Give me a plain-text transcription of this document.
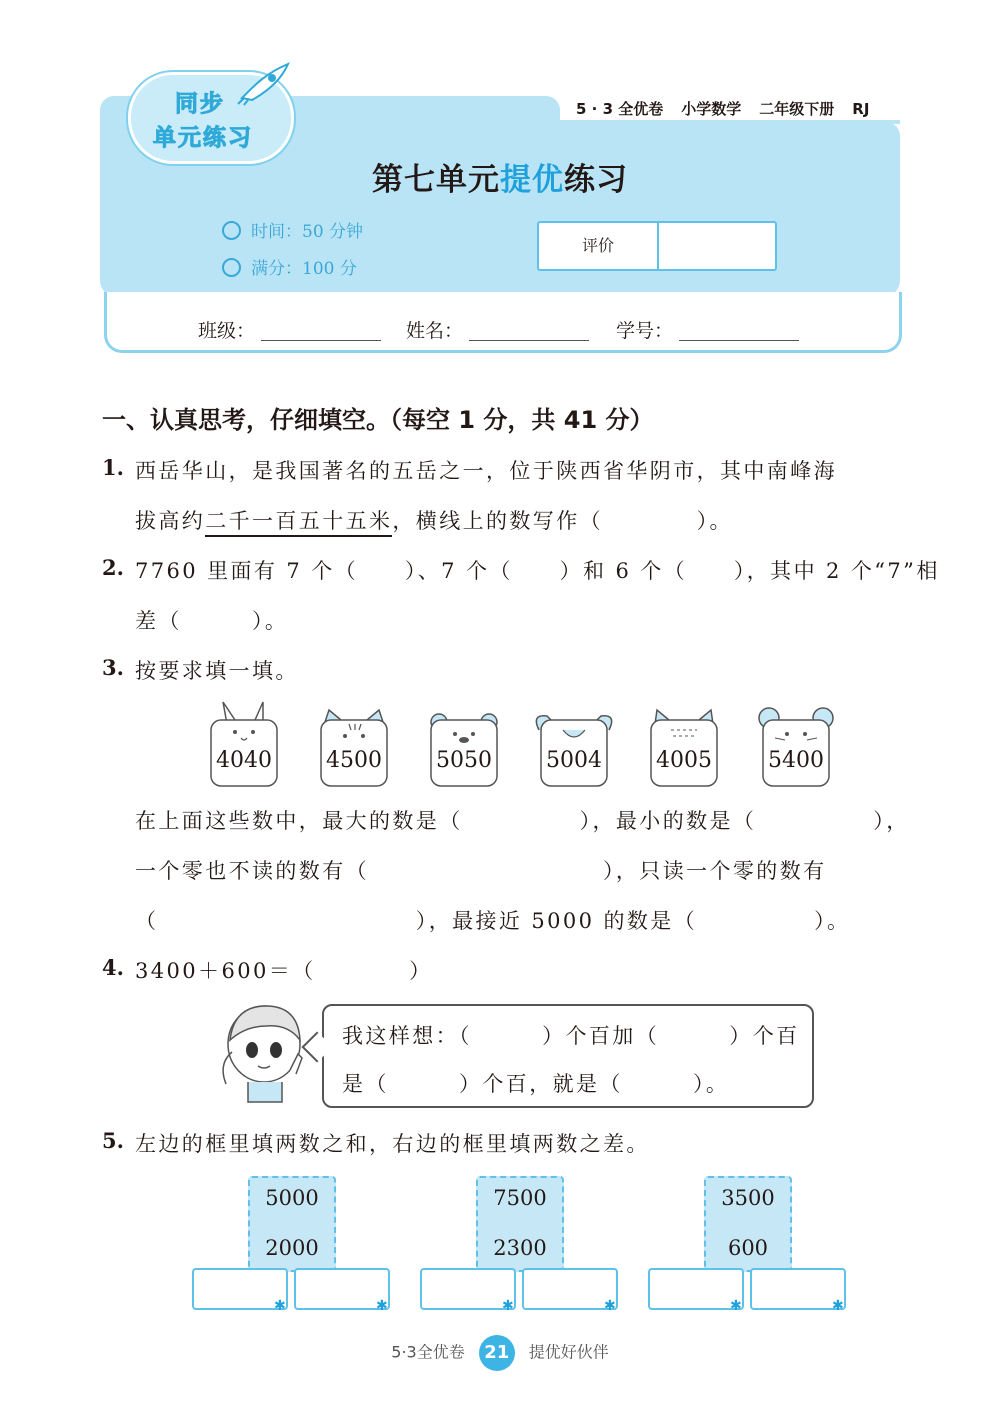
同步
单元练习
5 · 3 全优卷 小学数学 二年级下册 RJ
第七单元提优练习
时间：50 分钟
满分：100 分
评价
班级：	姓名：	学号：
一、认真思考，仔细填空。（每空 1 分，共 41 分）
1. 西岳华山，是我国著名的五岳之一，位于陕西省华阴市，其中南峰海
拔高约二千一百五十五米，横线上的数写作（　　　　）。
2. 7760 里面有 7 个（　　）、7 个（　　）和 6 个（　　），其中 2 个“7”相
差（　　　）。
3. 按要求填一填。
4040	4500	5050	5004	4005	5400
在上面这些数中，最大的数是（　　　　　），最小的数是（　　　　　），
一个零也不读的数有（　　　　　　　　　　），只读一个零的数有
（　　　　　　　　　　　），最接近 5000 的数是（　　　　　）。
4. 3400＋600＝（　　　　）
我这样想：（　　　）个百加（　　　）个百
是（　　　）个百，就是（　　　）。
5. 左边的框里填两数之和，右边的框里填两数之差。
5000
2000
✱	✱
7500
2300
✱	✱
3500
600
✱	✱
5·3全优卷 21 提优好伙伴
